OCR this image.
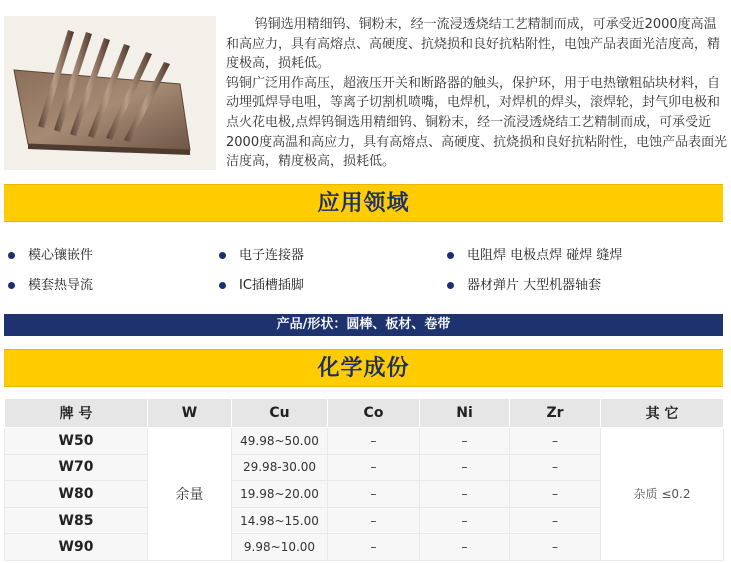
钨铜选用精细钨、铜粉末，经一流浸透烧结工艺精制而成，可承受近2000度高温和高应力，具有高熔点、高硬度、抗烧损和良好抗粘附性，电蚀产品表面光洁度高，精度极高，损耗低。

钨铜广泛用作高压，超液压开关和断路器的触头，保护环，用于电热镦粗砧块材料，自动埋弧焊导电咀，等离子切割机喷嘴，电焊机，对焊机的焊头，滚焊轮，封气卯电极和点火花电极,点焊钨铜选用精细钨、铜粉末，经一流浸透烧结工艺精制而成，可承受近2000度高温和高应力，具有高熔点、高硬度、抗烧损和良好抗粘附性，电蚀产品表面光洁度高，精度极高，损耗低。

应用领域
模心镶嵌件	电子连接器	电阻焊 电极点焊 碰焊 缝焊
模套热导流	IC插槽插脚	器材弹片 大型机器轴套
产品/形状：圆棒、板材、卷带
化学成份
牌 号	W	Cu	Co	Ni	Zr	其 它
W50	余量	49.98~50.00	–	–	–	杂质 ≤0.2
W70		29.98-30.00	–	–	–	
W80		19.98~20.00	–	–	–	
W85		14.98~15.00	–	–	–	
W90		9.98~10.00	–	–	–	
